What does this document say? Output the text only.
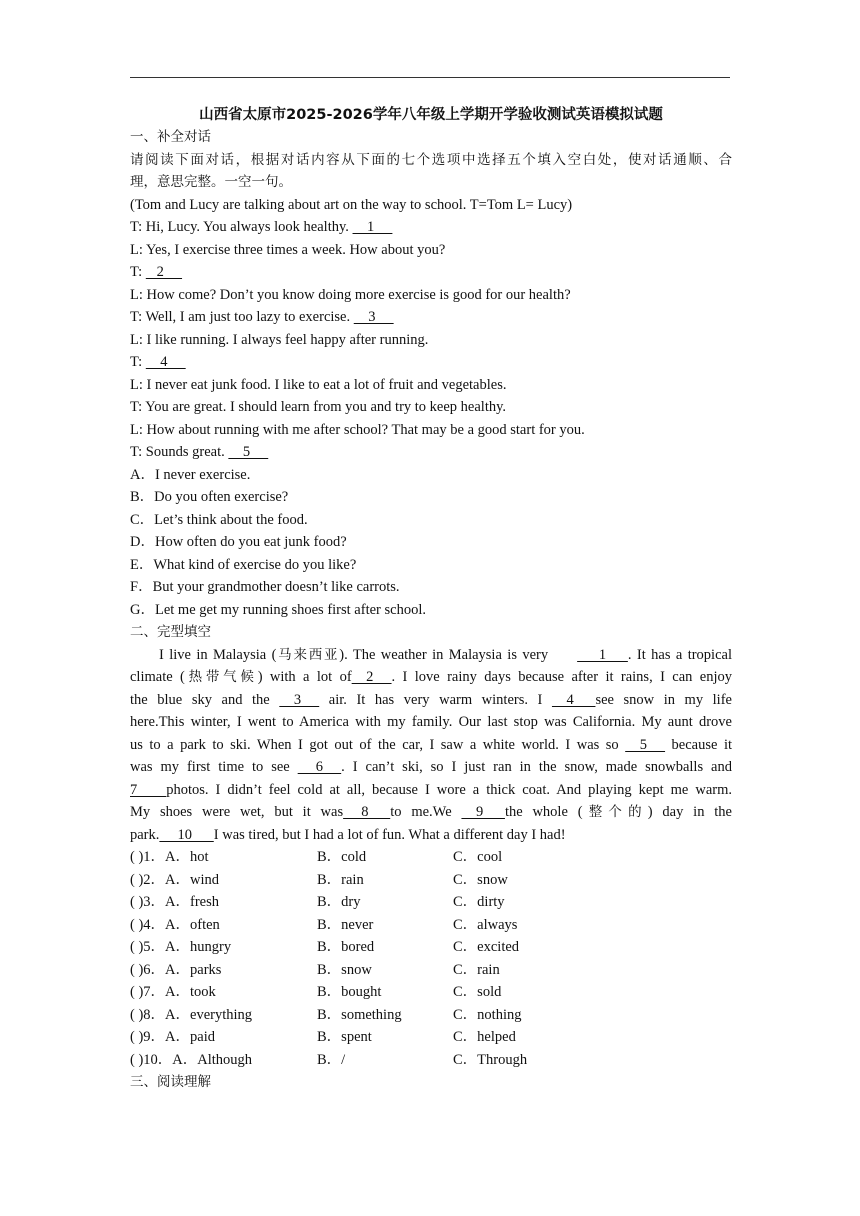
山西省太原市2025-2026学年八年级上学期开学验收测试英语模拟试题
一、补全对话
请阅读下面对话，根据对话内容从下面的七个选项中选择五个填入空白处，使对话通顺、合
理，意思完整。一空一句。
(Tom and Lucy are talking about art on the way to school. T=Tom L= Lucy)
T: Hi, Lucy. You always look healthy.     1
L: Yes, I exercise three times a week. How about you?
T:    2
L: How come? Don’t you know doing more exercise is good for our health?
T: Well, I am just too lazy to exercise.     3
L: I like running. I always feel happy after running.
T:     4
L: I never eat junk food. I like to eat a lot of fruit and vegetables.
T: You are great. I should learn from you and try to keep healthy.
L: How about running with me after school? That may be a good start for you.
T: Sounds great.     5
A．I never exercise.
B．Do you often exercise?
C．Let’s think about the food.
D．How often do you eat junk food?
E．What kind of exercise do you like?
F．But your grandmother doesn’t like carrots.
G．Let me get my running shoes first after school.
二、完型填空
I live in Malaysia (马来西亚). The weather in Malaysia is very      1      . It has a tropical
climate (热带气候) with a lot of    2     . I love rainy days because after it rains, I can enjoy
the blue sky and the     3      air. It has very warm winters. I     4      see snow in my life
here.This winter, I went to America with my family. Our last stop was California. My aunt drove
us to a park to ski. When I got out of the car, I saw a white world. I was so     5      because it
was my first time to see      6     . I can’t ski, so I just ran in the snow, made snowballs and
7        photos. I didn’t feel cold at all, because I wore a thick coat. And playing kept me warm.
My shoes were wet, but it was     8      to me.We     9      the whole (整个的) day in the
park.     10      I was tired, but I had a lot of fun. What a different day I had!
( )1．A．hot	B．cold	C．cool
( )2．A．wind	B．rain	C．snow
( )3．A．fresh	B．dry	C．dirty
( )4．A．often	B．never	C．always
( )5．A．hungry	B．bored	C．excited
( )6．A．parks	B．snow	C．rain
( )7．A．took	B．bought	C．sold
( )8．A．everything	B．something	C．nothing
( )9．A．paid	B．spent	C．helped
( )10．A．Although	B．/	C．Through
三、阅读理解
